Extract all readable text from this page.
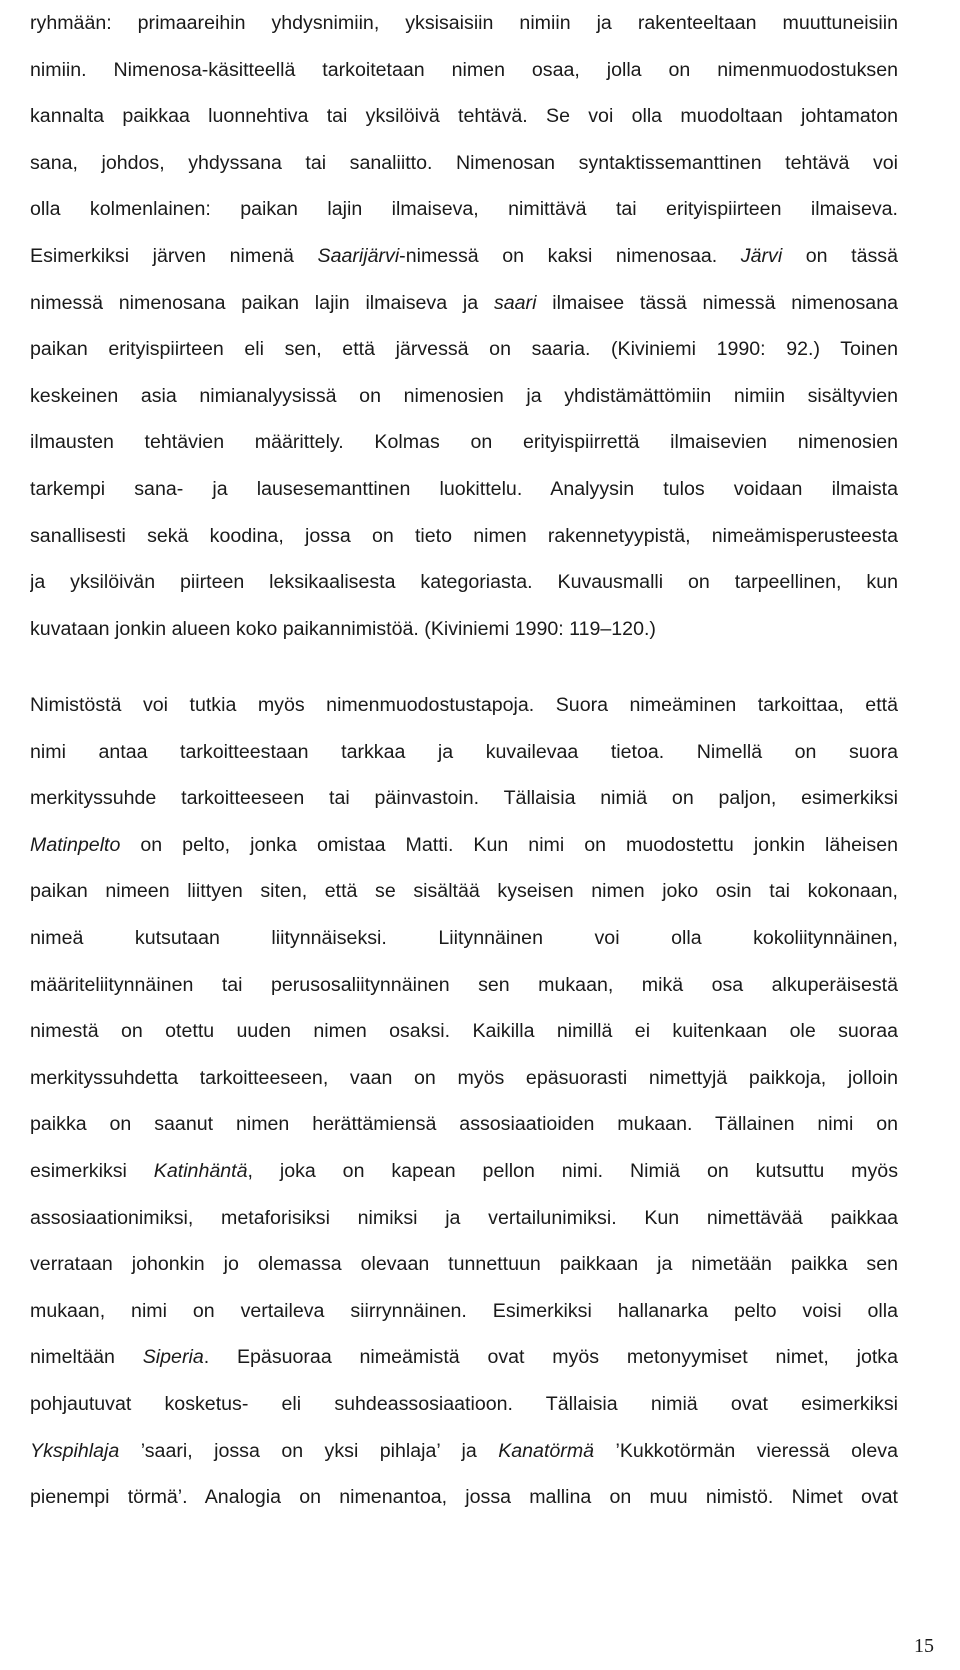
ryhmään: primaareihin yhdysnimiin, yksisaisiin nimiin ja rakenteeltaan muuttuneisiin
nimiin. Nimenosa-käsitteellä tarkoitetaan nimen osaa, jolla on nimenmuodostuksen
kannalta paikkaa luonnehtiva tai yksilöivä tehtävä. Se voi olla muodoltaan johtamaton
sana, johdos, yhdyssana tai sanaliitto. Nimenosan syntaktissemanttinen tehtävä voi
olla kolmenlainen: paikan lajin ilmaiseva, nimittävä tai erityispiirteen ilmaiseva.
Esimerkiksi järven nimenä Saarijärvi-nimessä on kaksi nimenosaa. Järvi on tässä
nimessä nimenosana paikan lajin ilmaiseva ja saari ilmaisee tässä nimessä nimenosana
paikan erityispiirteen eli sen, että järvessä on saaria. (Kiviniemi 1990: 92.) Toinen
keskeinen asia nimianalyysissä on nimenosien ja yhdistämättömiin nimiin sisältyvien
ilmausten tehtävien määrittely. Kolmas on erityispiirrettä ilmaisevien nimenosien
tarkempi sana- ja lausesemanttinen luokittelu. Analyysin tulos voidaan ilmaista
sanallisesti sekä koodina, jossa on tieto nimen rakennetyypistä, nimeämisperusteesta
ja yksilöivän piirteen leksikaalisesta kategoriasta. Kuvausmalli on tarpeellinen, kun
kuvataan jonkin alueen koko paikannimistöä. (Kiviniemi 1990: 119–120.)
Nimistöstä voi tutkia myös nimenmuodostustapoja. Suora nimeäminen tarkoittaa, että
nimi antaa tarkoitteestaan tarkkaa ja kuvailevaa tietoa. Nimellä on suora
merkityssuhde tarkoitteeseen tai päinvastoin. Tällaisia nimiä on paljon, esimerkiksi
Matinpelto on pelto, jonka omistaa Matti. Kun nimi on muodostettu jonkin läheisen
paikan nimeen liittyen siten, että se sisältää kyseisen nimen joko osin tai kokonaan,
nimeä kutsutaan liitynnäiseksi. Liitynnäinen voi olla kokoliitynnäinen,
määriteliitynnäinen tai perusosaliitynnäinen sen mukaan, mikä osa alkuperäisestä
nimestä on otettu uuden nimen osaksi. Kaikilla nimillä ei kuitenkaan ole suoraa
merkityssuhdetta tarkoitteeseen, vaan on myös epäsuorasti nimettyjä paikkoja, jolloin
paikka on saanut nimen herättämiensä assosiaatioiden mukaan. Tällainen nimi on
esimerkiksi Katinhäntä, joka on kapean pellon nimi. Nimiä on kutsuttu myös
assosiaationimiksi, metaforisiksi nimiksi ja vertailunimiksi. Kun nimettävää paikkaa
verrataan johonkin jo olemassa olevaan tunnettuun paikkaan ja nimetään paikka sen
mukaan, nimi on vertaileva siirrynnäinen. Esimerkiksi hallanarka pelto voisi olla
nimeltään Siperia. Epäsuoraa nimeämistä ovat myös metonyymiset nimet, jotka
pohjautuvat kosketus- eli suhdeassosiaatioon. Tällaisia nimiä ovat esimerkiksi
Ykspihlaja ’saari, jossa on yksi pihlaja’ ja Kanatörmä ’Kukkotörmän vieressä oleva
pienempi törmä’. Analogia on nimenantoa, jossa mallina on muu nimistö. Nimet ovat
15
